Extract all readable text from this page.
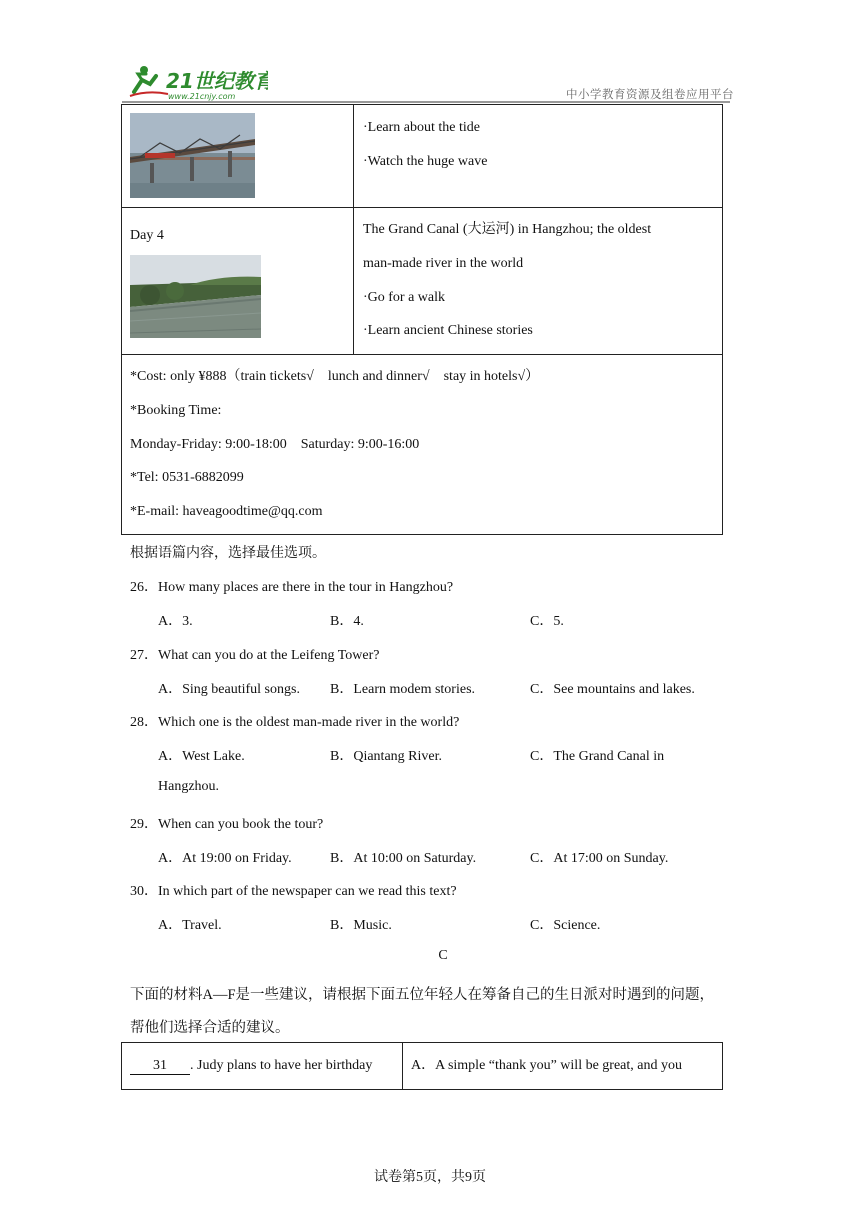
21世纪教育
www.21cnjy.com	中小学教育资源及组卷应用平台
·Learn about the tide
·Watch the huge wave
Day 4	The Grand Canal (大运河) in Hangzhou; the oldest
man-made river in the world
·Go for a walk
·Learn ancient Chinese stories
*Cost: only ¥888（train tickets√　lunch and dinner√　stay in hotels√）
*Booking Time:
Monday-Friday: 9:00-18:00　Saturday: 9:00-16:00
*Tel: 0531-6882099
*E-mail: haveagoodtime@qq.com
根据语篇内容，选择最佳选项。
26．How many places are there in the tour in Hangzhou?
A．3.	B．4.	C．5.
27．What can you do at the Leifeng Tower?
A．Sing beautiful songs. B．Learn modem stories.	C．See mountains and lakes.
28．Which one is the oldest man-made river in the world?
A．West Lake.	B．Qiantang River.	C．The Grand Canal in
Hangzhou.
29．When can you book the tour?
A．At 19:00 on Friday.	B．At 10:00 on Saturday.	C．At 17:00 on Sunday.
30．In which part of the newspaper can we read this text?
A．Travel.	B．Music.	C．Science.
C
下面的材料A—F是一些建议，请根据下面五位年轻人在筹备自己的生日派对时遇到的问题，
帮他们选择合适的建议。
31 . Judy plans to have her birthday	A．A simple “thank you” will be great, and you
试卷第5页，共9页
